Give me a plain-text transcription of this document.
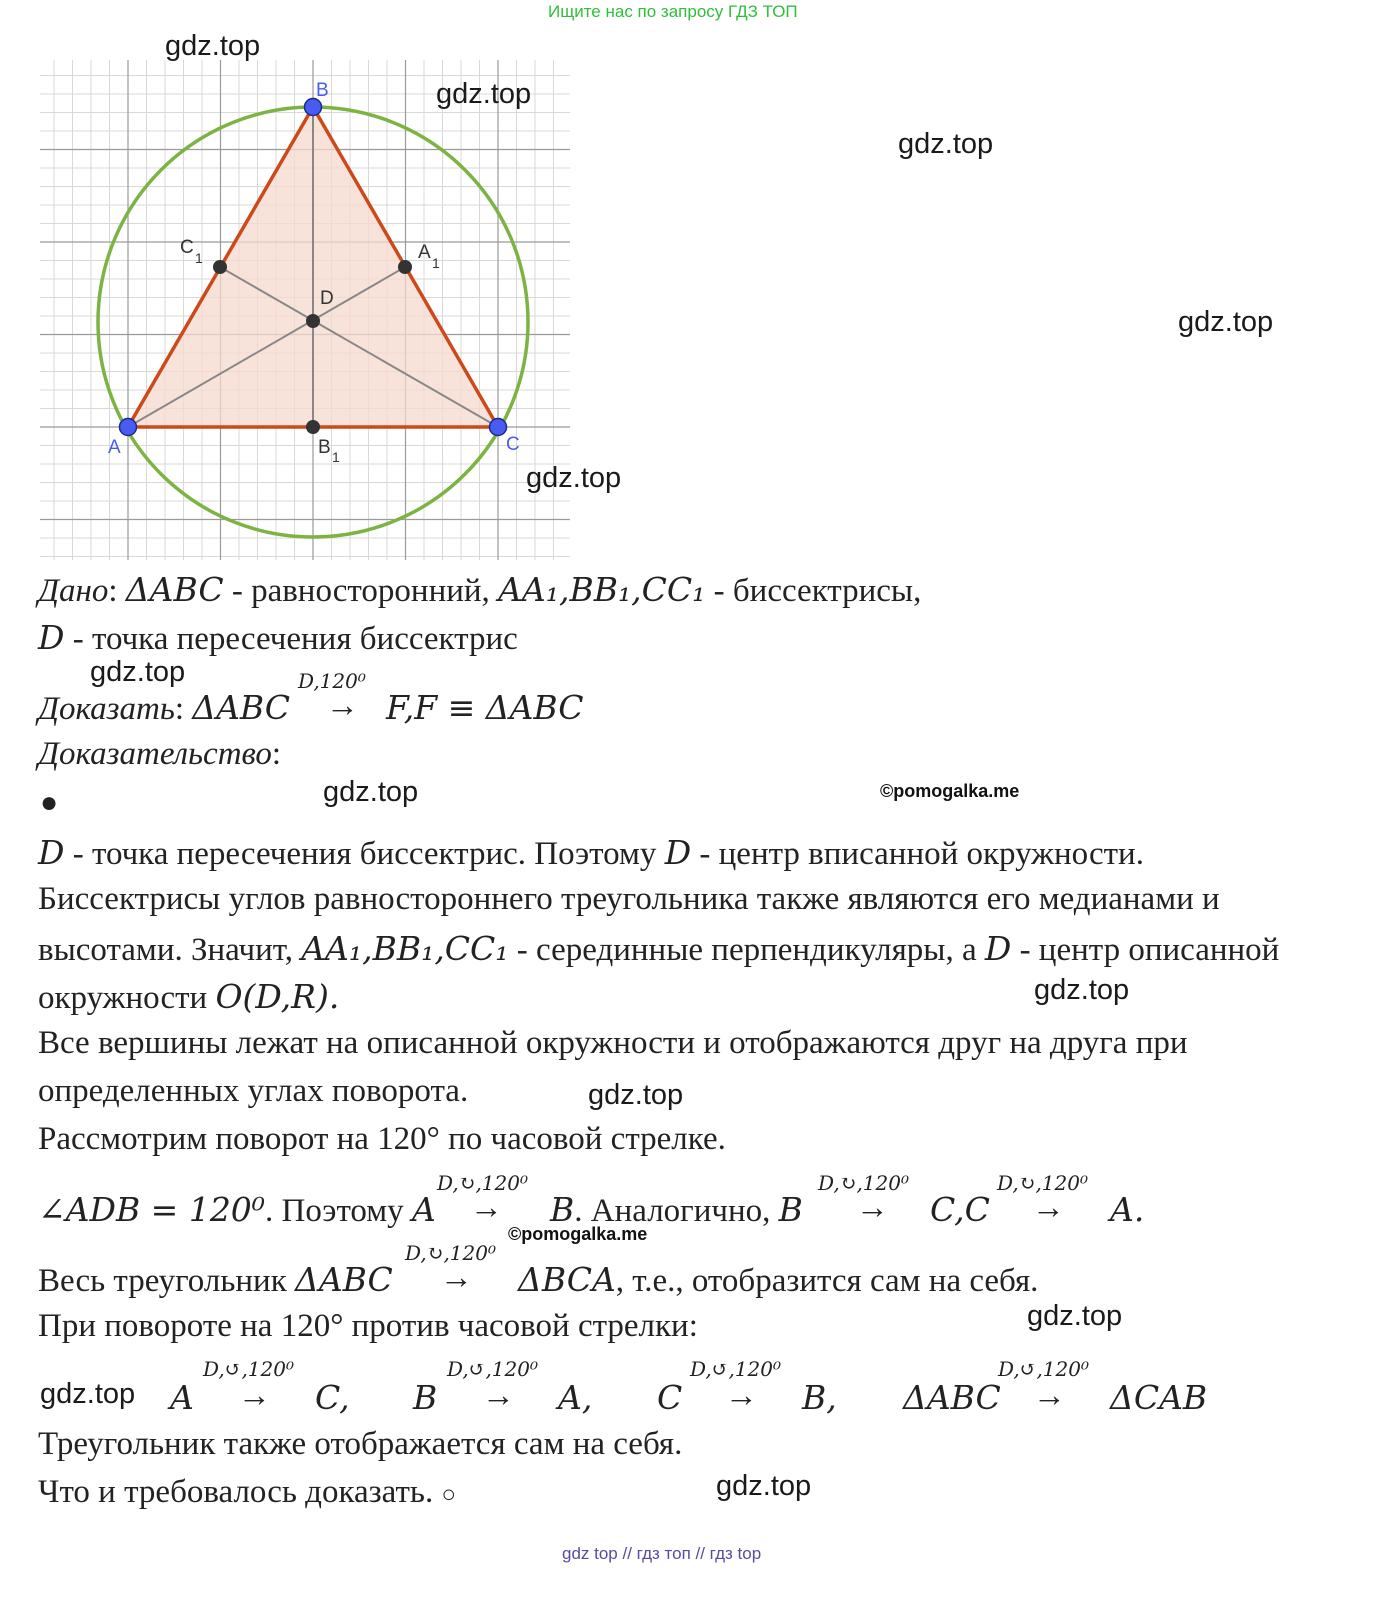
Ищите нас по запросу ГДЗ ТОП
B
A	C
D
C 1	A 1
B 1
gdz.top
gdz.top
gdz.top
gdz.top
gdz.top
gdz.top
gdz.top
gdz.top
gdz.top
gdz.top
gdz.top
gdz.top
©pomogalka.me
©pomogalka.me
Дано: ΔABC - равносторонний, AA₁,BB₁,CC₁ - биссектрисы,
D - точка пересечения биссектрис
Доказать: ΔABC
D,120⁰
→ F,F ≡ ΔABC
Доказательство:
●
D - точка пересечения биссектрис. Поэтому D - центр вписанной окружности.
Биссектрисы углов равностороннего треугольника также являются его медианами и
высотами. Значит, AA₁,BB₁,CC₁ - серединные перпендикуляры, а D - центр описанной
окружности O(D,R).
Все вершины лежат на описанной окружности и отображаются друг на друга при
определенных углах поворота.
Рассмотрим поворот на 120° по часовой стрелке.
∠ADB = 120⁰. Поэтому A
D,↻,120⁰
→ B. Аналогично, B
D,↻,120⁰
→ C,C
D,↻,120⁰
→ A.
Весь треугольник ΔABC
D,↻,120⁰
→ ΔBCA, т.е., отобразится сам на себя.
При повороте на 120° против часовой стрелки:
A
D,↺,120⁰
→ C, B
D,↺,120⁰
→ A, C
D,↺,120⁰
→ B, ΔABC
D,↺,120⁰
→ ΔCAB
Треугольник также отображается сам на себя.
Что и требовалось доказать. ○
gdz top // гдз топ // гдз top
